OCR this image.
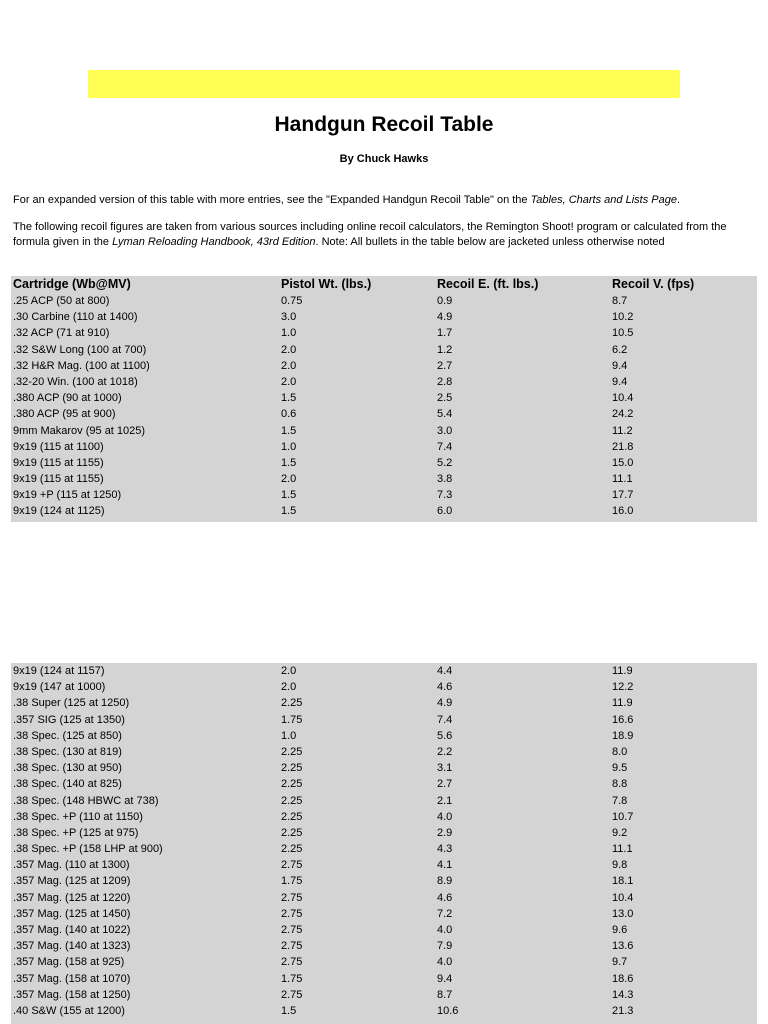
Handgun Recoil Table
By Chuck Hawks
For an expanded version of this table with more entries, see the "Expanded Handgun Recoil Table" on the Tables, Charts and Lists Page.
The following recoil figures are taken from various sources including online recoil calculators, the Remington Shoot! program or calculated from the formula given in the Lyman Reloading Handbook, 43rd Edition. Note: All bullets in the table below are jacketed unless otherwise noted
Cartridge (Wb@MV)	Pistol Wt. (lbs.)	Recoil E. (ft. lbs.)	Recoil V. (fps)
.25 ACP (50 at 800)	0.75	0.9	8.7
.30 Carbine (110 at 1400)	3.0	4.9	10.2
.32 ACP (71 at 910)	1.0	1.7	10.5
.32 S&W Long (100 at 700)	2.0	1.2	6.2
.32 H&R Mag. (100 at 1100)	2.0	2.7	9.4
.32-20 Win. (100 at 1018)	2.0	2.8	9.4
.380 ACP (90 at 1000)	1.5	2.5	10.4
.380 ACP (95 at 900)	0.6	5.4	24.2
9mm Makarov (95 at 1025)	1.5	3.0	11.2
9x19 (115 at 1100)	1.0	7.4	21.8
9x19 (115 at 1155)	1.5	5.2	15.0
9x19 (115 at 1155)	2.0	3.8	11.1
9x19 +P (115 at 1250)	1.5	7.3	17.7
9x19 (124 at 1125)	1.5	6.0	16.0
9x19 (124 at 1157)	2.0	4.4	11.9
9x19 (147 at 1000)	2.0	4.6	12.2
.38 Super (125 at 1250)	2.25	4.9	11.9
.357 SIG (125 at 1350)	1.75	7.4	16.6
.38 Spec. (125 at 850)	1.0	5.6	18.9
.38 Spec. (130 at 819)	2.25	2.2	8.0
.38 Spec. (130 at 950)	2.25	3.1	9.5
.38 Spec. (140 at 825)	2.25	2.7	8.8
.38 Spec. (148 HBWC at 738)	2.25	2.1	7.8
.38 Spec. +P (110 at 1150)	2.25	4.0	10.7
.38 Spec. +P (125 at 975)	2.25	2.9	9.2
.38 Spec. +P (158 LHP at 900)	2.25	4.3	11.1
.357 Mag. (110 at 1300)	2.75	4.1	9.8
.357 Mag. (125 at 1209)	1.75	8.9	18.1
.357 Mag. (125 at 1220)	2.75	4.6	10.4
.357 Mag. (125 at 1450)	2.75	7.2	13.0
.357 Mag. (140 at 1022)	2.75	4.0	9.6
.357 Mag. (140 at 1323)	2.75	7.9	13.6
.357 Mag. (158 at 925)	2.75	4.0	9.7
.357 Mag. (158 at 1070)	1.75	9.4	18.6
.357 Mag. (158 at 1250)	2.75	8.7	14.3
.40 S&W (155 at 1200)	1.5	10.6	21.3
